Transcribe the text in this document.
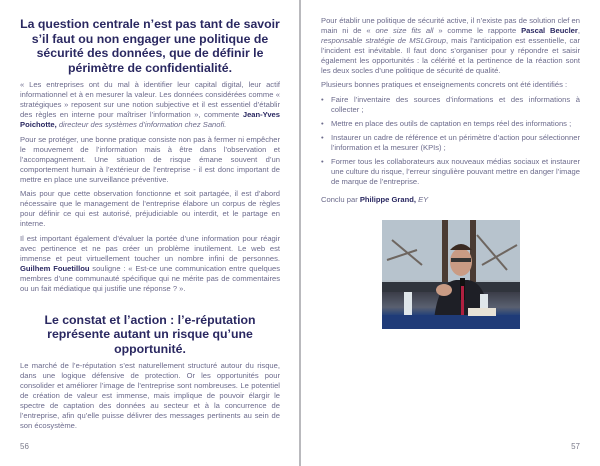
La question centrale n’est pas tant de savoir s’il faut ou non engager une politique de sécurité des données, que de définir le périmètre de confidentialité.

« Les entreprises ont du mal à identifier leur capital digital, leur actif informationnel et à en mesurer la valeur. Les données considérées comme « stratégiques » reposent sur une notion subjective et il est essentiel d’établir des règles en interne pour maîtriser l’information », commente Jean-Yves Poichotte, directeur des systèmes d’information chez Sanofi.

Pour se protéger, une bonne pratique consiste non pas à fermer ni empêcher le mouvement de l’information mais à être dans l’observation et l’accompagnement. Une situation de risque émane souvent d’un comportement humain à l’extérieur de l’entreprise - il est donc important de mettre en place une surveillance préventive.

Mais pour que cette observation fonctionne et soit partagée, il est d’abord nécessaire que le management de l’entreprise élabore un corpus de règles pour définir ce qui est autorisé, préjudiciable ou interdit, et le partage en interne.

Il est important également d’évaluer la portée d’une information pour réagir avec pertinence et ne pas créer un problème inutilement. Le web est immense et peut virtuellement toucher un nombre infini de personnes. Guilhem Fouetillou souligne : « Est-ce une communication entre quelques membres d’une communauté spécifique qui ne mérite pas de commentaires ou un fait médiatique qui justifie une réponse ? ».

Le constat et l’action : l’e-réputation représente autant un risque qu’une opportunité.

Le marché de l’e-réputation s’est naturellement structuré autour du risque, dans une logique défensive de protection. Or les opportunités pour consolider et améliorer l’image de l’entreprise sont nombreuses. Le potentiel de création de valeur est immense, mais implique de pouvoir élargir le spectre de captation des données au secteur et à la concurrence de l’entreprise, afin qu’elle puisse délivrer des messages pertinents au sein de son écosystème.

56

Pour établir une politique de sécurité active, il n’existe pas de solution clef en main ni de « one size fits all » comme le rapporte Pascal Beucler, responsable stratégie de MSLGroup, mais l’anticipation est essentielle, car l’incident est inévitable. Il faut donc s’organiser pour y répondre et saisir également les opportunités : la célérité et la pertinence de la réaction sont les deux socles d’une politique de sécurité de qualité.

Plusieurs bonnes pratiques et enseignements concrets ont été identifiés :

• Faire l’inventaire des sources d’informations et des informations à collecter ;
• Mettre en place des outils de captation en temps réel des informations ;
• Instaurer un cadre de référence et un périmètre d’action pour sélectionner l’information et la mesurer (KPIs) ;
• Former tous les collaborateurs aux nouveaux médias sociaux et instaurer une culture du risque, l’erreur singulière pouvant mettre en danger l’image de marque de l’entreprise.

Conclu par Philippe Grand, EY

57
